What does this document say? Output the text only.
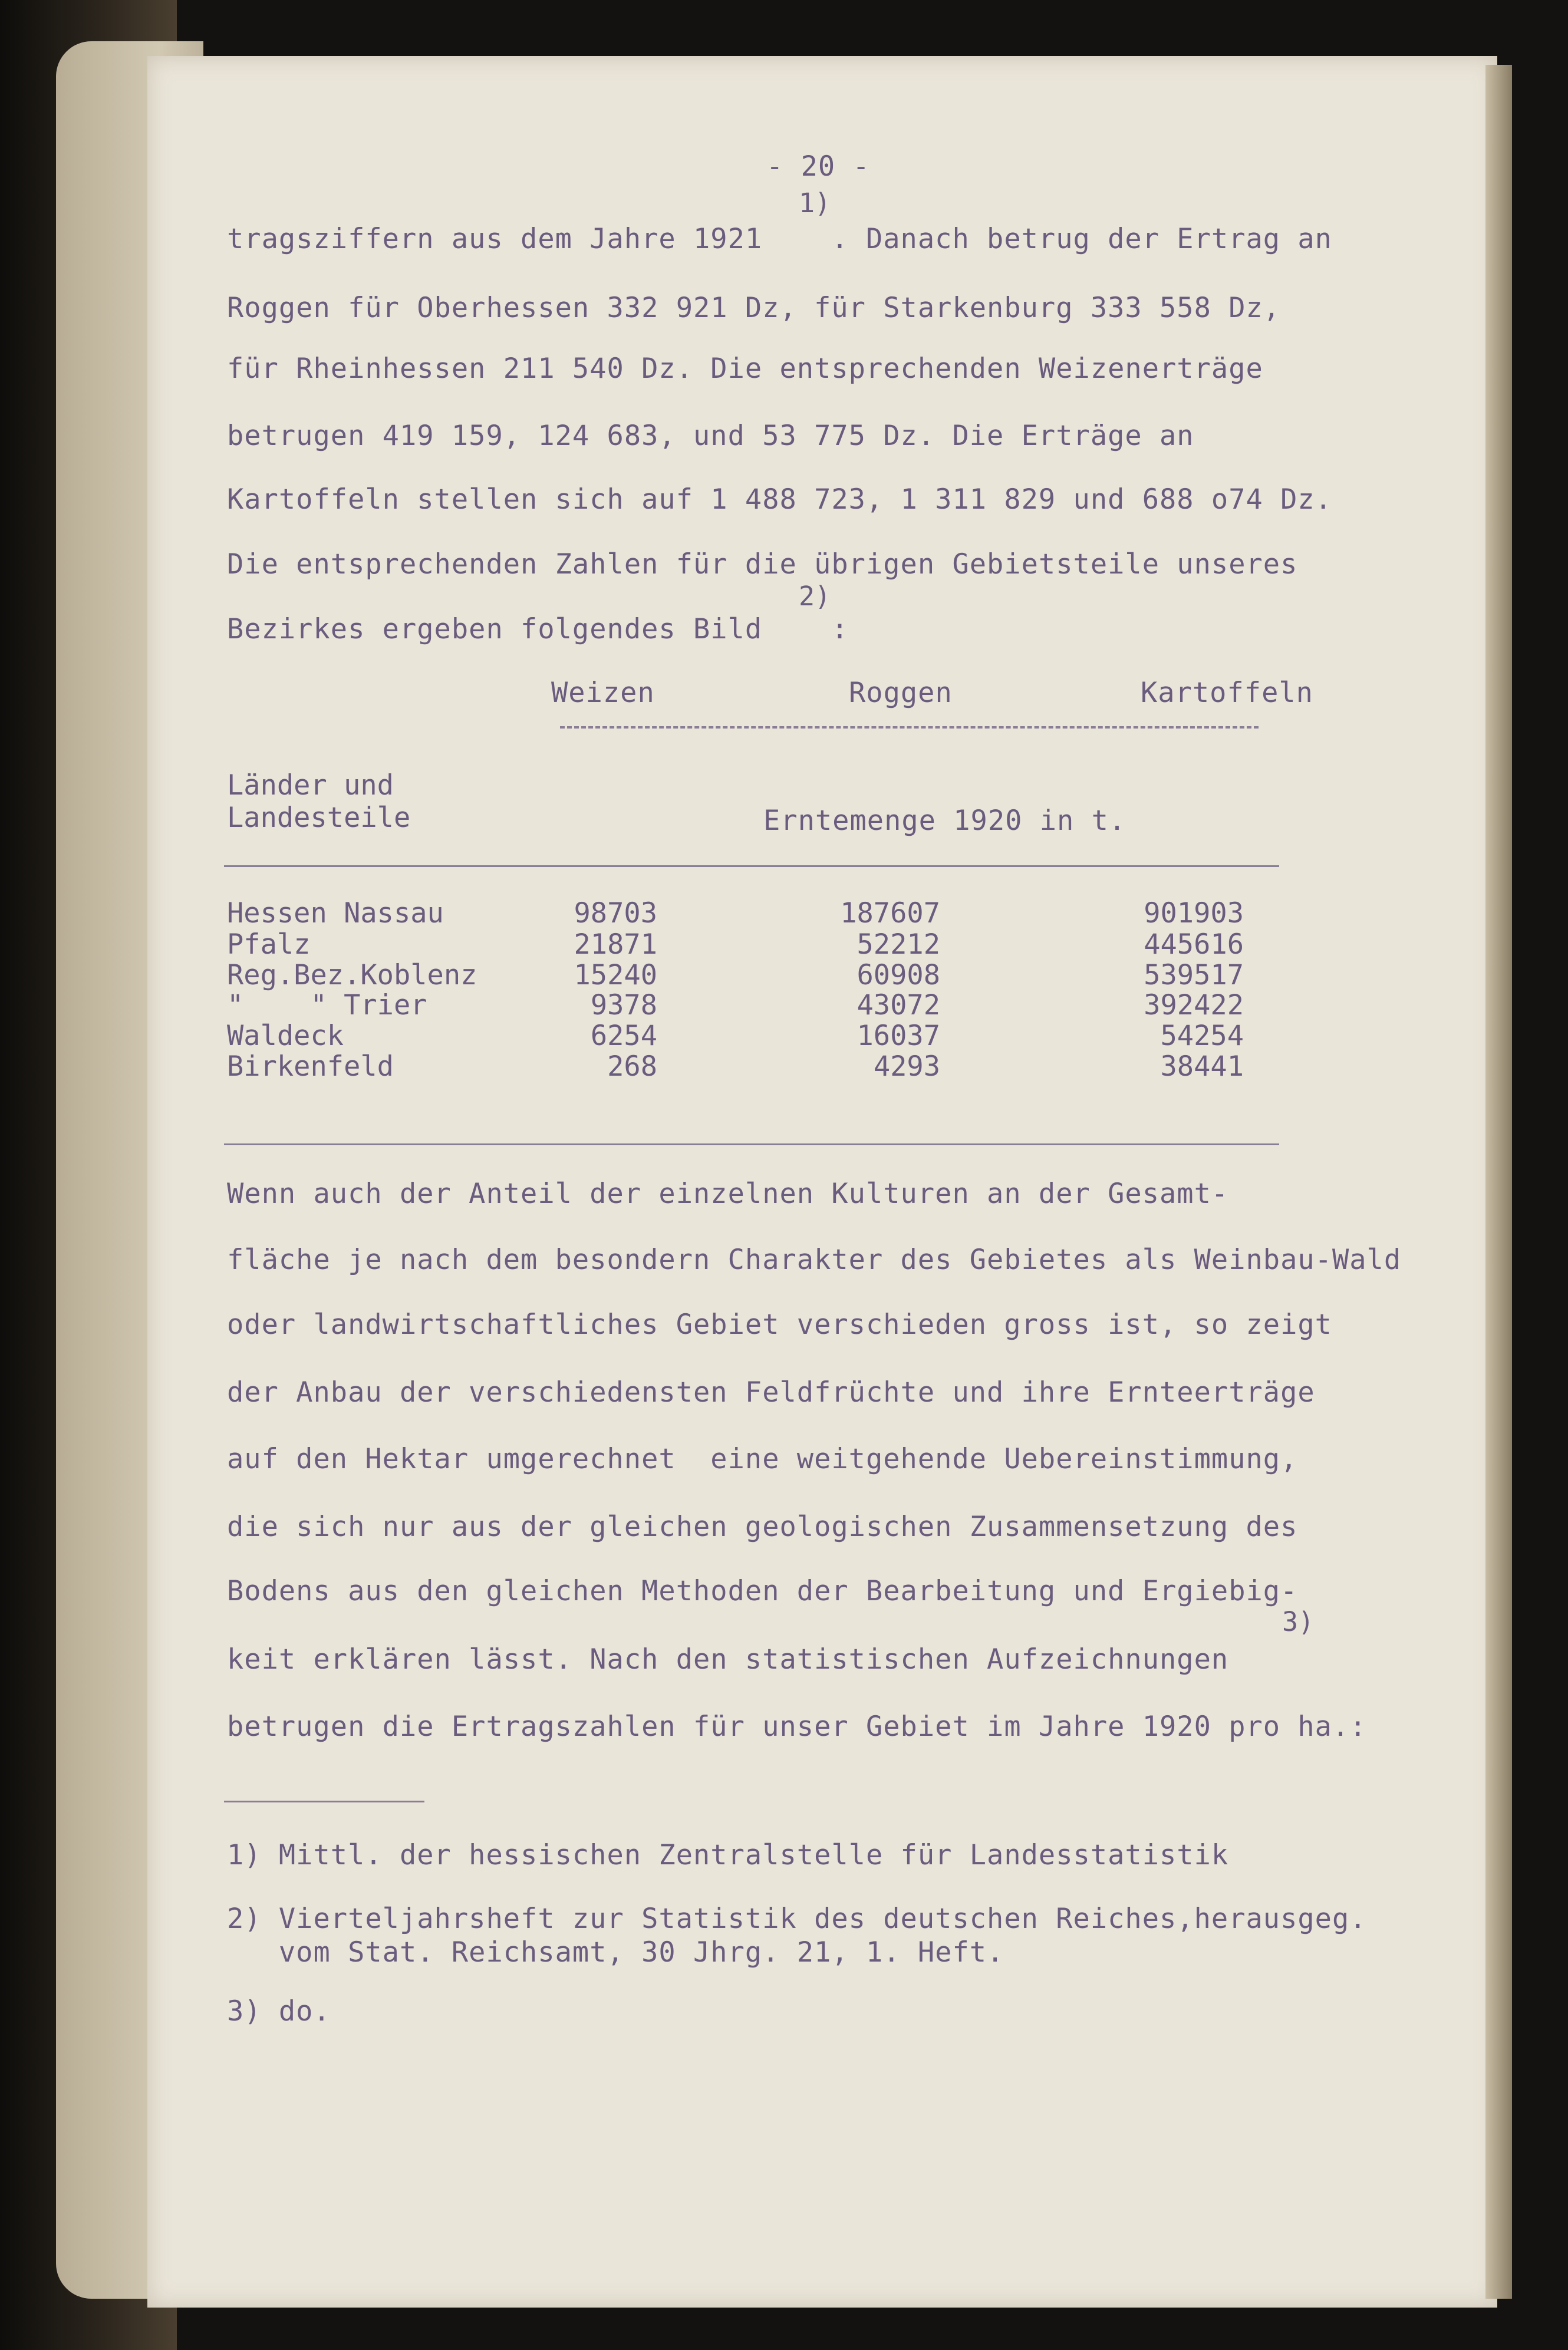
- 20 -
1)
tragsziffern aus dem Jahre 1921    . Danach betrug der Ertrag an
Roggen für Oberhessen 332 921 Dz, für Starkenburg 333 558 Dz,
für Rheinhessen 211 540 Dz. Die entsprechenden Weizenerträge
betrugen 419 159, 124 683, und 53 775 Dz. Die Erträge an
Kartoffeln stellen sich auf 1 488 723, 1 311 829 und 688 o74 Dz.
Die entsprechenden Zahlen für die übrigen Gebietsteile unseres
2)
Bezirkes ergeben folgendes Bild    :
Weizen	Roggen	Kartoffeln
Länder und
Landesteile	Erntemenge 1920 in t.
Hessen Nassau	98703	187607	901903
Pfalz	21871	52212	445616
Reg.Bez.Koblenz	15240	60908	539517
"    " Trier	9378	43072	392422
Waldeck	6254	16037	54254
Birkenfeld	268	4293	38441
Wenn auch der Anteil der einzelnen Kulturen an der Gesamt-
fläche je nach dem besondern Charakter des Gebietes als Weinbau-Wald
oder landwirtschaftliches Gebiet verschieden gross ist, so zeigt
der Anbau der verschiedensten Feldfrüchte und ihre Ernteerträge
auf den Hektar umgerechnet  eine weitgehende Uebereinstimmung,
die sich nur aus der gleichen geologischen Zusammensetzung des
Bodens aus den gleichen Methoden der Bearbeitung und Ergiebig-
3)
keit erklären lässt. Nach den statistischen Aufzeichnungen
betrugen die Ertragszahlen für unser Gebiet im Jahre 1920 pro ha.:
1) Mittl. der hessischen Zentralstelle für Landesstatistik
2) Vierteljahrsheft zur Statistik des deutschen Reiches,herausgeg.
vom Stat. Reichsamt, 30 Jhrg. 21, 1. Heft.
3) do.
